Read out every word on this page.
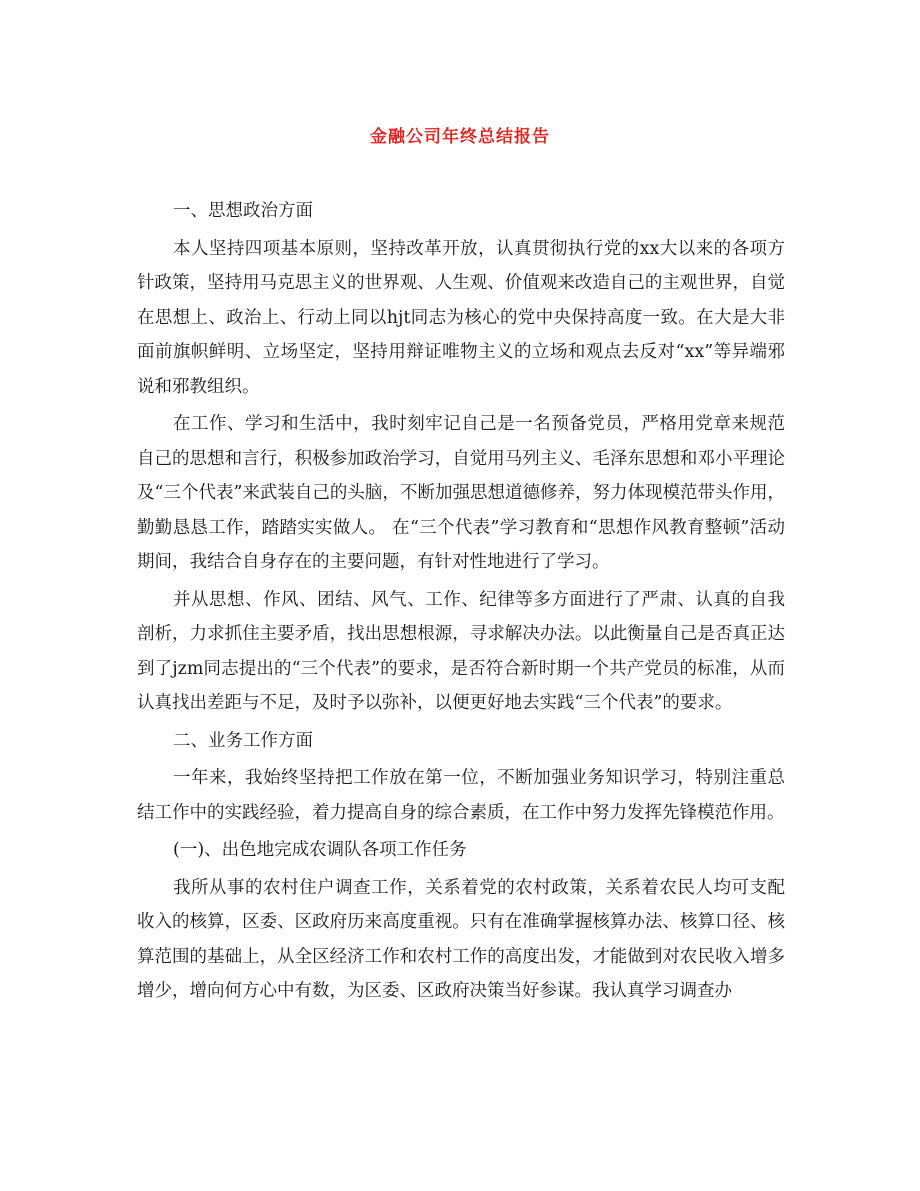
金融公司年终总结报告

一、思想政治方面

本人坚持四项基本原则，坚持改革开放，认真贯彻执行党的xx大以来的各项方针政策，坚持用马克思主义的世界观、人生观、价值观来改造自己的主观世界，自觉在思想上、政治上、行动上同以hjt同志为核心的党中央保持高度一致。在大是大非面前旗帜鲜明、立场坚定，坚持用辩证唯物主义的立场和观点去反对“xx”等异端邪说和邪教组织。

在工作、学习和生活中，我时刻牢记自己是一名预备党员，严格用党章来规范自己的思想和言行，积极参加政治学习，自觉用马列主义、毛泽东思想和邓小平理论及“三个代表”来武装自己的头脑，不断加强思想道德修养，努力体现模范带头作用，勤勤恳恳工作，踏踏实实做人。 在“三个代表”学习教育和“思想作风教育整顿”活动期间，我结合自身存在的主要问题，有针对性地进行了学习。

并从思想、作风、团结、风气、工作、纪律等多方面进行了严肃、认真的自我剖析，力求抓住主要矛盾，找出思想根源，寻求解决办法。以此衡量自己是否真正达到了jzm同志提出的“三个代表”的要求，是否符合新时期一个共产党员的标准，从而认真找出差距与不足，及时予以弥补，以便更好地去实践“三个代表”的要求。

二、业务工作方面

一年来，我始终坚持把工作放在第一位，不断加强业务知识学习，特别注重总结工作中的实践经验，着力提高自身的综合素质，在工作中努力发挥先锋模范作用。

(一)、出色地完成农调队各项工作任务

我所从事的农村住户调查工作，关系着党的农村政策，关系着农民人均可支配收入的核算，区委、区政府历来高度重视。只有在准确掌握核算办法、核算口径、核算范围的基础上，从全区经济工作和农村工作的高度出发，才能做到对农民收入增多增少，增向何方心中有数，为区委、区政府决策当好参谋。我认真学习调查办
